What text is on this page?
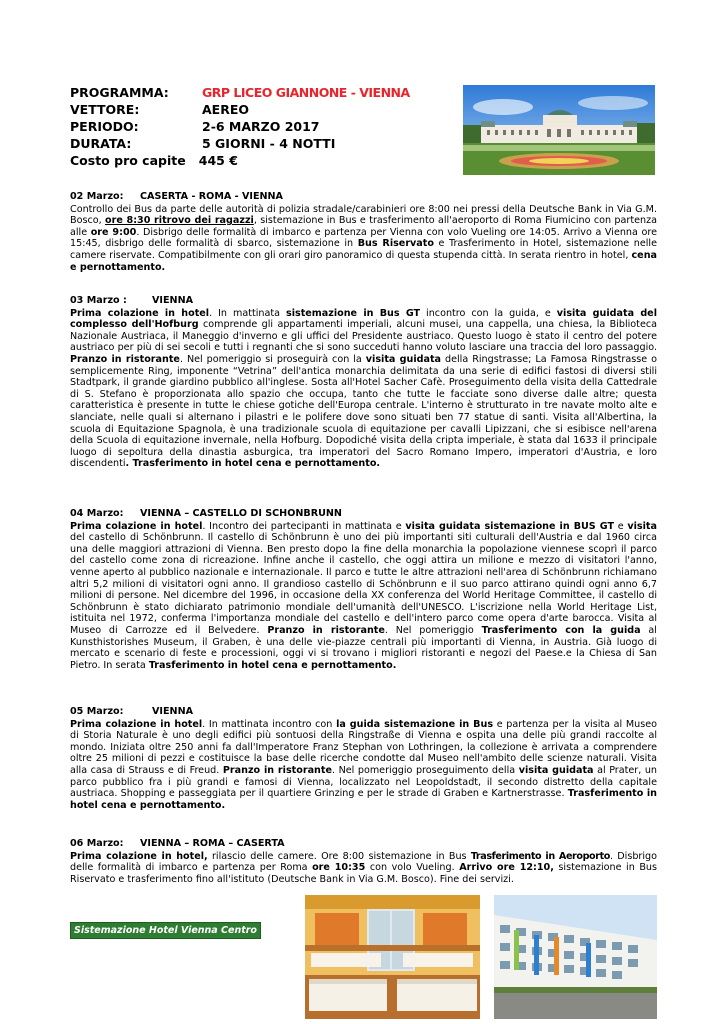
PROGRAMMA:	GRP LICEO GIANNONE - VIENNA
VETTORE:	AEREO
PERIODO:	2-6 MARZO 2017
DURATA:	5 GIORNI - 4 NOTTI
Costo pro capite 445 €

02 Marzo: CASERTA - ROMA - VIENNA

Controllo dei Bus da parte delle autorità di polizia stradale/carabinieri ore 8:00 nei pressi della Deutsche Bank in Via G.M. Bosco, ore 8:30 ritrovo dei ragazzi, sistemazione in Bus e trasferimento all'aeroporto di Roma Fiumicino con partenza alle ore 9:00. Disbrigo delle formalità di imbarco e partenza per Vienna con volo Vueling ore 14:05. Arrivo a Vienna ore 15:45, disbrigo delle formalità di sbarco, sistemazione in Bus Riservato e Trasferimento in Hotel, sistemazione nelle camere riservate. Compatibilmente con gli orari giro panoramico di questa stupenda città. In serata rientro in hotel, cena e pernottamento.

03 Marzo :	VIENNA

Prima colazione in hotel. In mattinata sistemazione in Bus GT incontro con la guida, e visita guidata del complesso dell'Hofburg comprende gli appartamenti imperiali, alcuni musei, una cappella, una chiesa, la Biblioteca Nazionale Austriaca, il Maneggio d'inverno e gli uffici del Presidente austriaco. Questo luogo è stato il centro del potere austriaco per più di sei secoli e tutti i regnanti che si sono succeduti hanno voluto lasciare una traccia del loro passaggio. Pranzo in ristorante. Nel pomeriggio si proseguirà con la visita guidata della Ringstrasse; La Famosa Ringstrasse o semplicemente Ring, imponente “Vetrina” dell'antica monarchia delimitata da una serie di edifici fastosi di diversi stili Stadtpark, il grande giardino pubblico all'inglese. Sosta all'Hotel Sacher Cafè. Proseguimento della visita della Cattedrale di S. Stefano è proporzionata allo spazio che occupa, tanto che tutte le facciate sono diverse dalle altre; questa caratteristica è presente in tutte le chiese gotiche dell'Europa centrale. L'interno è strutturato in tre navate molto alte e slanciate, nelle quali si alternano i pilastri e le polifere dove sono situati ben 77 statue di santi. Visita all'Albertina, la scuola di Equitazione Spagnola, è una tradizionale scuola di equitazione per cavalli Lipizzani, che si esibisce nell'arena della Scuola di equitazione invernale, nella Hofburg. Dopodiché visita della cripta imperiale, è stata dal 1633 il principale luogo di sepoltura della dinastia asburgica, tra imperatori del Sacro Romano Impero, imperatori d'Austria, e loro discendenti. Trasferimento in hotel cena e pernottamento.

04 Marzo: VIENNA – CASTELLO DI SCHONBRUNN

Prima colazione in hotel. Incontro dei partecipanti in mattinata e visita guidata sistemazione in BUS GT e visita del castello di Schönbrunn. Il castello di Schönbrunn è uno dei più importanti siti culturali dell'Austria e dal 1960 circa una delle maggiori attrazioni di Vienna. Ben presto dopo la fine della monarchia la popolazione viennese scoprì il parco del castello come zona di ricreazione. Infine anche il castello, che oggi attira un milione e mezzo di visitatori l'anno, venne aperto al pubblico nazionale e internazionale. Il parco e tutte le altre attrazioni nell'area di Schönbrunn richiamano altri 5,2 milioni di visitatori ogni anno. Il grandioso castello di Schönbrunn e il suo parco attirano quindi ogni anno 6,7 milioni di persone. Nel dicembre del 1996, in occasione della XX conferenza del World Heritage Committee, il castello di Schönbrunn è stato dichiarato patrimonio mondiale dell'umanità dell'UNESCO. L'iscrizione nella World Heritage List, istituita nel 1972, conferma l'importanza mondiale del castello e dell'intero parco come opera d'arte barocca. Visita al Museo di Carrozze ed il Belvedere. Pranzo in ristorante. Nel pomeriggio Trasferimento con la guida al Kunsthistorishes Museum, il Graben, è una delle vie-piazze centrali più importanti di Vienna, in Austria. Già luogo di mercato e scenario di feste e processioni, oggi vi si trovano i migliori ristoranti e negozi del Paese.e la Chiesa di San Pietro. In serata Trasferimento in hotel cena e pernottamento.

05 Marzo:	VIENNA

Prima colazione in hotel. In mattinata incontro con la guida sistemazione in Bus e partenza per la visita al Museo di Storia Naturale è uno degli edifici più sontuosi della Ringstraße di Vienna e ospita una delle più grandi raccolte al mondo. Iniziata oltre 250 anni fa dall'Imperatore Franz Stephan von Lothringen, la collezione è arrivata a comprendere oltre 25 milioni di pezzi e costituisce la base delle ricerche condotte dal Museo nell'ambito delle scienze naturali. Visita alla casa di Strauss e di Freud. Pranzo in ristorante. Nel pomeriggio proseguimento della visita guidata al Prater, un parco pubblico fra i più grandi e famosi di Vienna, localizzato nel Leopoldstadt, il secondo distretto della capitale austriaca. Shopping e passeggiata per il quartiere Grinzing e per le strade di Graben e Kartnerstrasse. Trasferimento in hotel cena e pernottamento.

06 Marzo: VIENNA – ROMA – CASERTA

Prima colazione in hotel, rilascio delle camere. Ore 8:00 sistemazione in Bus Trasferimento in Aeroporto. Disbrigo delle formalità di imbarco e partenza per Roma ore 10:35 con volo Vueling. Arrivo ore 12:10, sistemazione in Bus Riservato e trasferimento fino all'istituto (Deutsche Bank in Via G.M. Bosco). Fine dei servizi.

Sistemazione Hotel Vienna Centro
